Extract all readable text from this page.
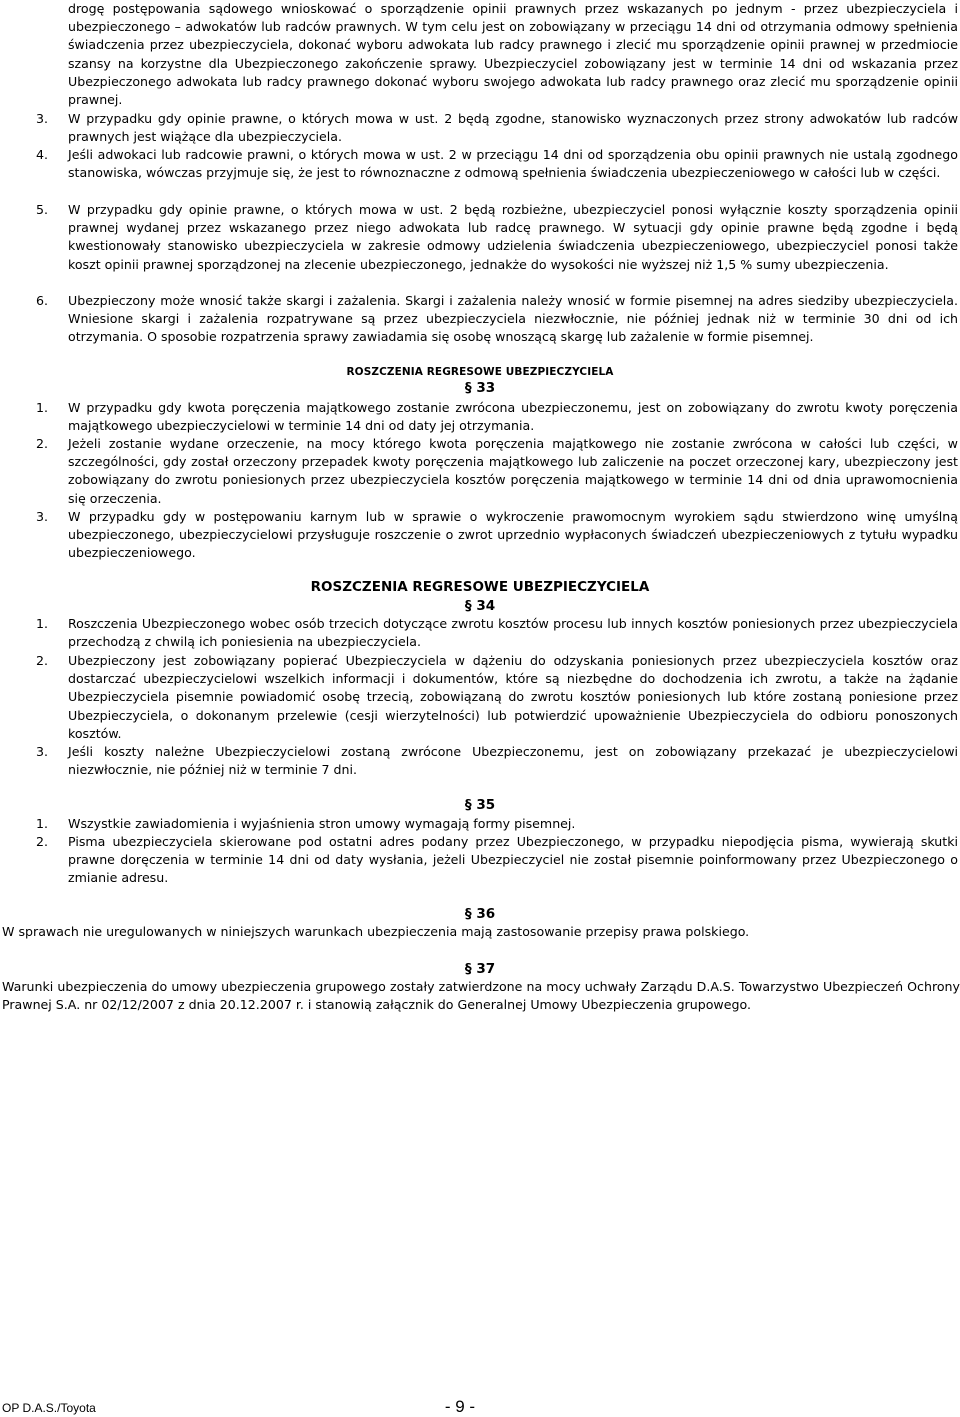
drogę postępowania sądowego wnioskować o sporządzenie opinii prawnych przez wskazanych po jednym - przez ubezpieczyciela i ubezpieczonego – adwokatów lub radców prawnych. W tym celu jest on zobowiązany w przeciągu 14 dni od otrzymania odmowy spełnienia świadczenia przez ubezpieczyciela, dokonać wyboru adwokata lub radcy prawnego i zlecić mu sporządzenie opinii prawnej w przedmiocie szansy na korzystne dla Ubezpieczonego zakończenie sprawy. Ubezpieczyciel zobowiązany jest w terminie 14 dni od wskazania przez Ubezpieczonego adwokata lub radcy prawnego dokonać wyboru swojego adwokata lub radcy prawnego oraz zlecić mu sporządzenie opinii prawnej.
3.	W przypadku gdy opinie prawne, o których mowa w ust. 2 będą zgodne, stanowisko wyznaczonych przez strony adwokatów lub radców prawnych jest wiążące dla ubezpieczyciela.
4.	Jeśli adwokaci lub radcowie prawni, o których mowa w ust. 2 w przeciągu 14 dni od sporządzenia obu opinii prawnych nie ustalą zgodnego stanowiska, wówczas przyjmuje się, że jest to równoznaczne z odmową spełnienia świadczenia ubezpieczeniowego w całości lub w części.
5.	W przypadku gdy opinie prawne, o których mowa w ust. 2 będą rozbieżne, ubezpieczyciel ponosi wyłącznie koszty sporządzenia opinii prawnej wydanej przez wskazanego przez niego adwokata lub radcę prawnego. W sytuacji gdy opinie prawne będą zgodne i będą kwestionowały stanowisko ubezpieczyciela w zakresie odmowy udzielenia świadczenia ubezpieczeniowego, ubezpieczyciel ponosi także koszt opinii prawnej sporządzonej na zlecenie ubezpieczonego, jednakże do wysokości nie wyższej niż 1,5 % sumy ubezpieczenia.
6.	Ubezpieczony może wnosić także skargi i zażalenia. Skargi i zażalenia należy wnosić w formie pisemnej na adres siedziby ubezpieczyciela. Wniesione skargi i zażalenia rozpatrywane są przez ubezpieczyciela niezwłocznie, nie później jednak niż w terminie 30 dni od ich otrzymania. O sposobie rozpatrzenia sprawy zawiadamia się osobę wnoszącą skargę lub zażalenie w formie pisemnej.
ROSZCZENIA REGRESOWE UBEZPIECZYCIELA
§ 33
1.	W przypadku gdy kwota poręczenia majątkowego zostanie zwrócona ubezpieczonemu, jest on zobowiązany do zwrotu kwoty poręczenia majątkowego ubezpieczycielowi w terminie 14 dni od daty jej otrzymania.
2.	Jeżeli zostanie wydane orzeczenie, na mocy którego kwota poręczenia majątkowego nie zostanie zwrócona w całości lub części, w szczególności, gdy został orzeczony przepadek kwoty poręczenia majątkowego lub zaliczenie na poczet orzeczonej kary, ubezpieczony jest zobowiązany do zwrotu poniesionych przez ubezpieczyciela kosztów poręczenia majątkowego w terminie 14 dni od dnia uprawomocnienia się orzeczenia.
3.	W przypadku gdy w postępowaniu karnym lub w sprawie o wykroczenie prawomocnym wyrokiem sądu stwierdzono winę umyślną ubezpieczonego, ubezpieczycielowi przysługuje roszczenie o zwrot uprzednio wypłaconych świadczeń ubezpieczeniowych z tytułu wypadku ubezpieczeniowego.
ROSZCZENIA REGRESOWE UBEZPIECZYCIELA
§ 34
1.	Roszczenia Ubezpieczonego wobec osób trzecich dotyczące zwrotu kosztów procesu lub innych kosztów poniesionych przez ubezpieczyciela przechodzą z chwilą ich poniesienia na ubezpieczyciela.
2.	Ubezpieczony jest zobowiązany popierać Ubezpieczyciela w dążeniu do odzyskania poniesionych przez ubezpieczyciela kosztów oraz dostarczać ubezpieczycielowi wszelkich informacji i dokumentów, które są niezbędne do dochodzenia ich zwrotu, a także na żądanie Ubezpieczyciela pisemnie powiadomić osobę trzecią, zobowiązaną do zwrotu kosztów poniesionych lub które zostaną poniesione przez Ubezpieczyciela, o dokonanym przelewie (cesji wierzytelności) lub potwierdzić upoważnienie Ubezpieczyciela do odbioru ponoszonych kosztów.
3.	Jeśli koszty należne Ubezpieczycielowi zostaną zwrócone Ubezpieczonemu, jest on zobowiązany przekazać je ubezpieczycielowi niezwłocznie, nie później niż w terminie 7 dni.
§ 35
1.	Wszystkie zawiadomienia i wyjaśnienia stron umowy wymagają formy pisemnej.
2.	Pisma ubezpieczyciela skierowane pod ostatni adres podany przez Ubezpieczonego, w przypadku niepodjęcia pisma, wywierają skutki prawne doręczenia w terminie 14 dni od daty wysłania, jeżeli Ubezpieczyciel nie został pisemnie poinformowany przez Ubezpieczonego o zmianie adresu.
§ 36
W sprawach nie uregulowanych w niniejszych warunkach ubezpieczenia mają zastosowanie przepisy prawa polskiego.
§ 37
Warunki ubezpieczenia do umowy ubezpieczenia grupowego zostały zatwierdzone na mocy uchwały Zarządu D.A.S. Towarzystwo Ubezpieczeń Ochrony Prawnej S.A. nr 02/12/2007 z dnia 20.12.2007 r. i stanowią załącznik do Generalnej Umowy Ubezpieczenia grupowego.
OP D.A.S./Toyota	- 9 -
